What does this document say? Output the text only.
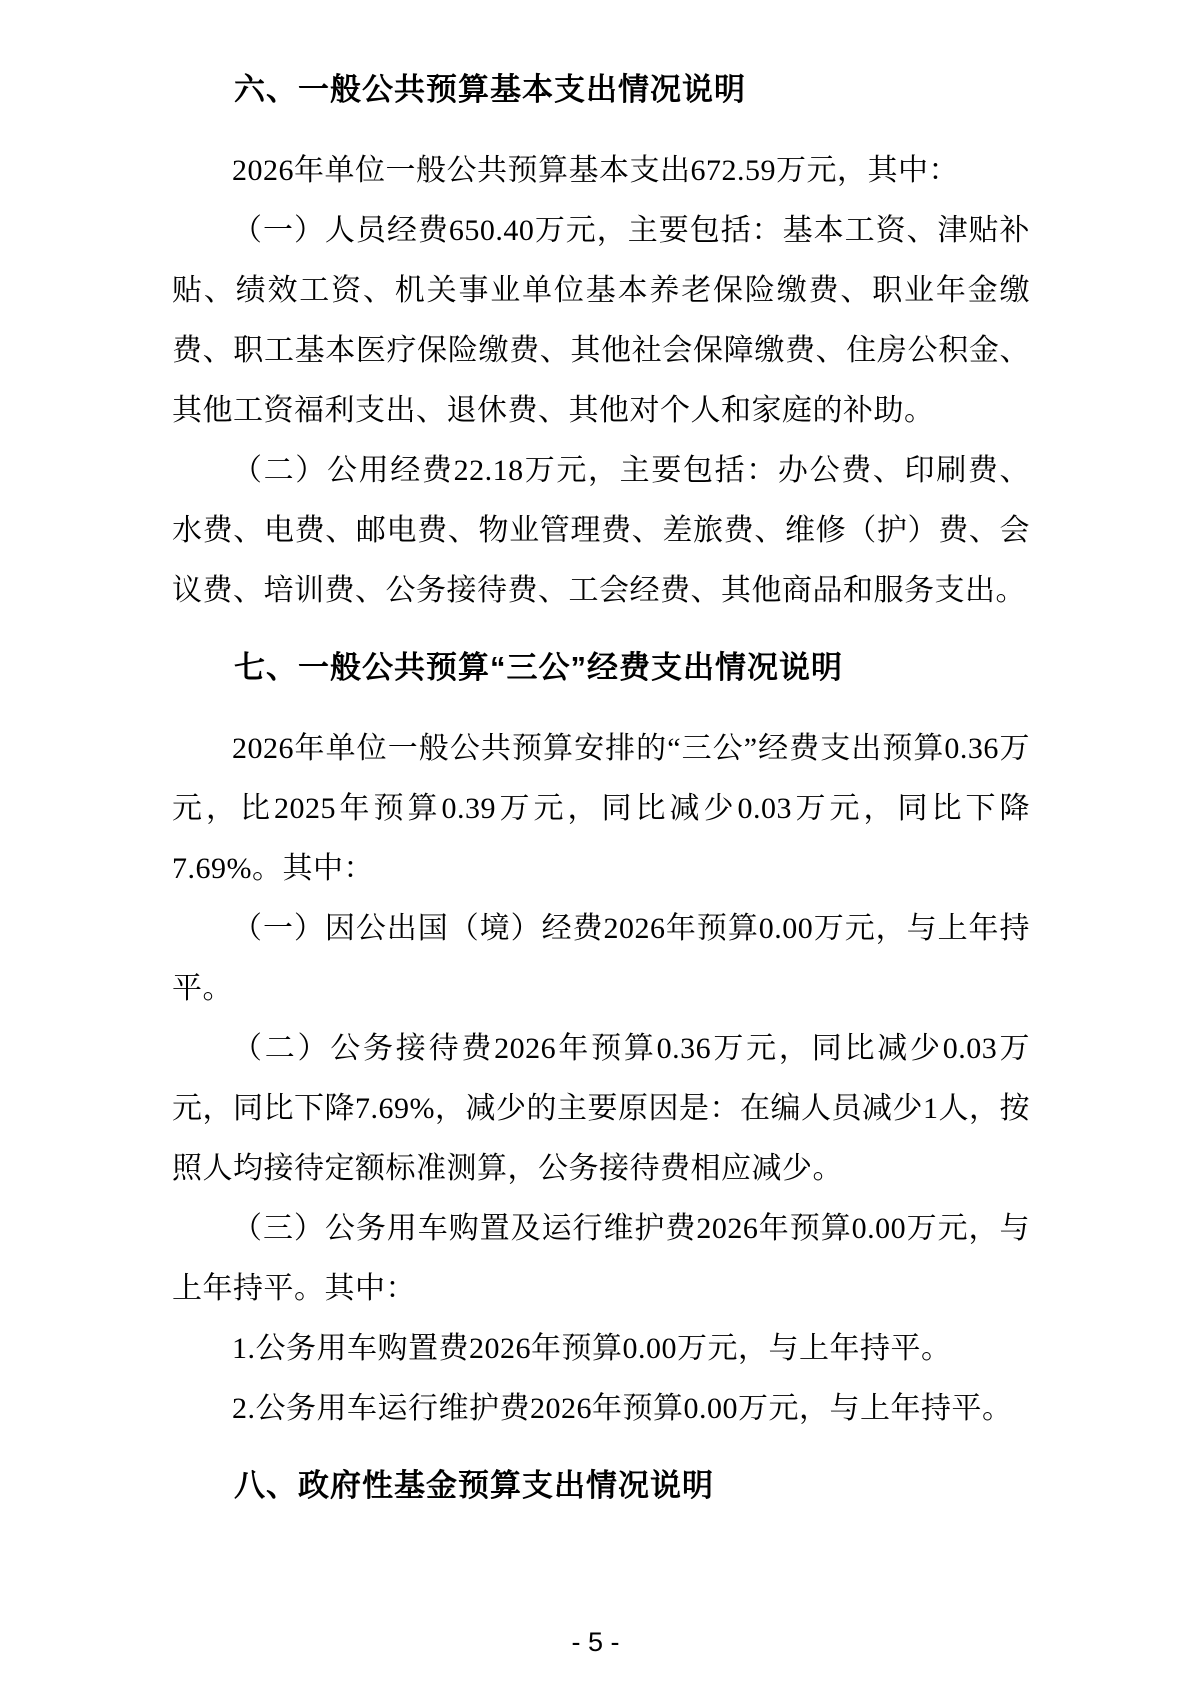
六、一般公共预算基本支出情况说明

2026年单位一般公共预算基本支出672.59万元，其中：

（一）人员经费650.40万元，主要包括：基本工资、津贴补贴、绩效工资、机关事业单位基本养老保险缴费、职业年金缴费、职工基本医疗保险缴费、其他社会保障缴费、住房公积金、其他工资福利支出、退休费、其他对个人和家庭的补助。

（二）公用经费22.18万元，主要包括：办公费、印刷费、水费、电费、邮电费、物业管理费、差旅费、维修（护）费、会议费、培训费、公务接待费、工会经费、其他商品和服务支出。

七、一般公共预算“三公”经费支出情况说明

2026年单位一般公共预算安排的“三公”经费支出预算0.36万元，比2025年预算0.39万元，同比减少0.03万元，同比下降7.69%。其中：

（一）因公出国（境）经费2026年预算0.00万元，与上年持平。

（二）公务接待费2026年预算0.36万元，同比减少0.03万元，同比下降7.69%，减少的主要原因是：在编人员减少1人，按照人均接待定额标准测算，公务接待费相应减少。

（三）公务用车购置及运行维护费2026年预算0.00万元，与上年持平。其中：

1.公务用车购置费2026年预算0.00万元，与上年持平。

2.公务用车运行维护费2026年预算0.00万元，与上年持平。

八、政府性基金预算支出情况说明
- 5 -
